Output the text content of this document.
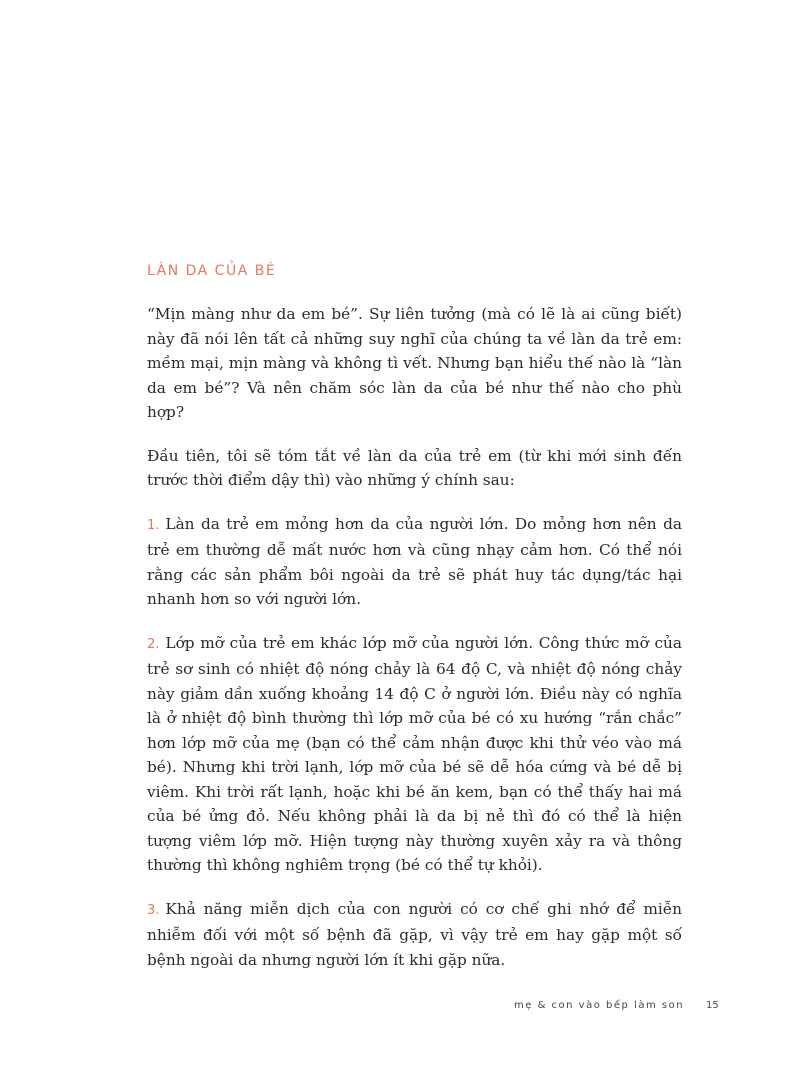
LÀN DA CỦA BÉ

“Mịn màng như da em bé”. Sự liên tưởng (mà có lẽ là ai cũng biết) này đã nói lên tất cả những suy nghĩ của chúng ta về làn da trẻ em: mềm mại, mịn màng và không tì vết. Nhưng bạn hiểu thế nào là “làn da em bé”? Và nên chăm sóc làn da của bé như thế nào cho phù hợp?

Đầu tiên, tôi sẽ tóm tắt về làn da của trẻ em (từ khi mới sinh đến trước thời điểm dậy thì) vào những ý chính sau:

1. Làn da trẻ em mỏng hơn da của người lớn. Do mỏng hơn nên da trẻ em thường dễ mất nước hơn và cũng nhạy cảm hơn. Có thể nói rằng các sản phẩm bôi ngoài da trẻ sẽ phát huy tác dụng/tác hại nhanh hơn so với người lớn.
2. Lớp mỡ của trẻ em khác lớp mỡ của người lớn. Công thức mỡ của trẻ sơ sinh có nhiệt độ nóng chảy là 64 độ C, và nhiệt độ nóng chảy này giảm dần xuống khoảng 14 độ C ở người lớn. Điều này có nghĩa là ở nhiệt độ bình thường thì lớp mỡ của bé có xu hướng “rắn chắc” hơn lớp mỡ của mẹ (bạn có thể cảm nhận được khi thử véo vào má bé). Nhưng khi trời lạnh, lớp mỡ của bé sẽ dễ hóa cứng và bé dễ bị viêm. Khi trời rất lạnh, hoặc khi bé ăn kem, bạn có thể thấy hai má của bé ửng đỏ. Nếu không phải là da bị nẻ thì đó có thể là hiện tượng viêm lớp mỡ. Hiện tượng này thường xuyên xảy ra và thông thường thì không nghiêm trọng (bé có thể tự khỏi).
3. Khả năng miễn dịch của con người có cơ chế ghi nhớ để miễn nhiễm đối với một số bệnh đã gặp, vì vậy trẻ em hay gặp một số bệnh ngoài da nhưng người lớn ít khi gặp nữa.
mẹ & con vào bếp làm son 15
